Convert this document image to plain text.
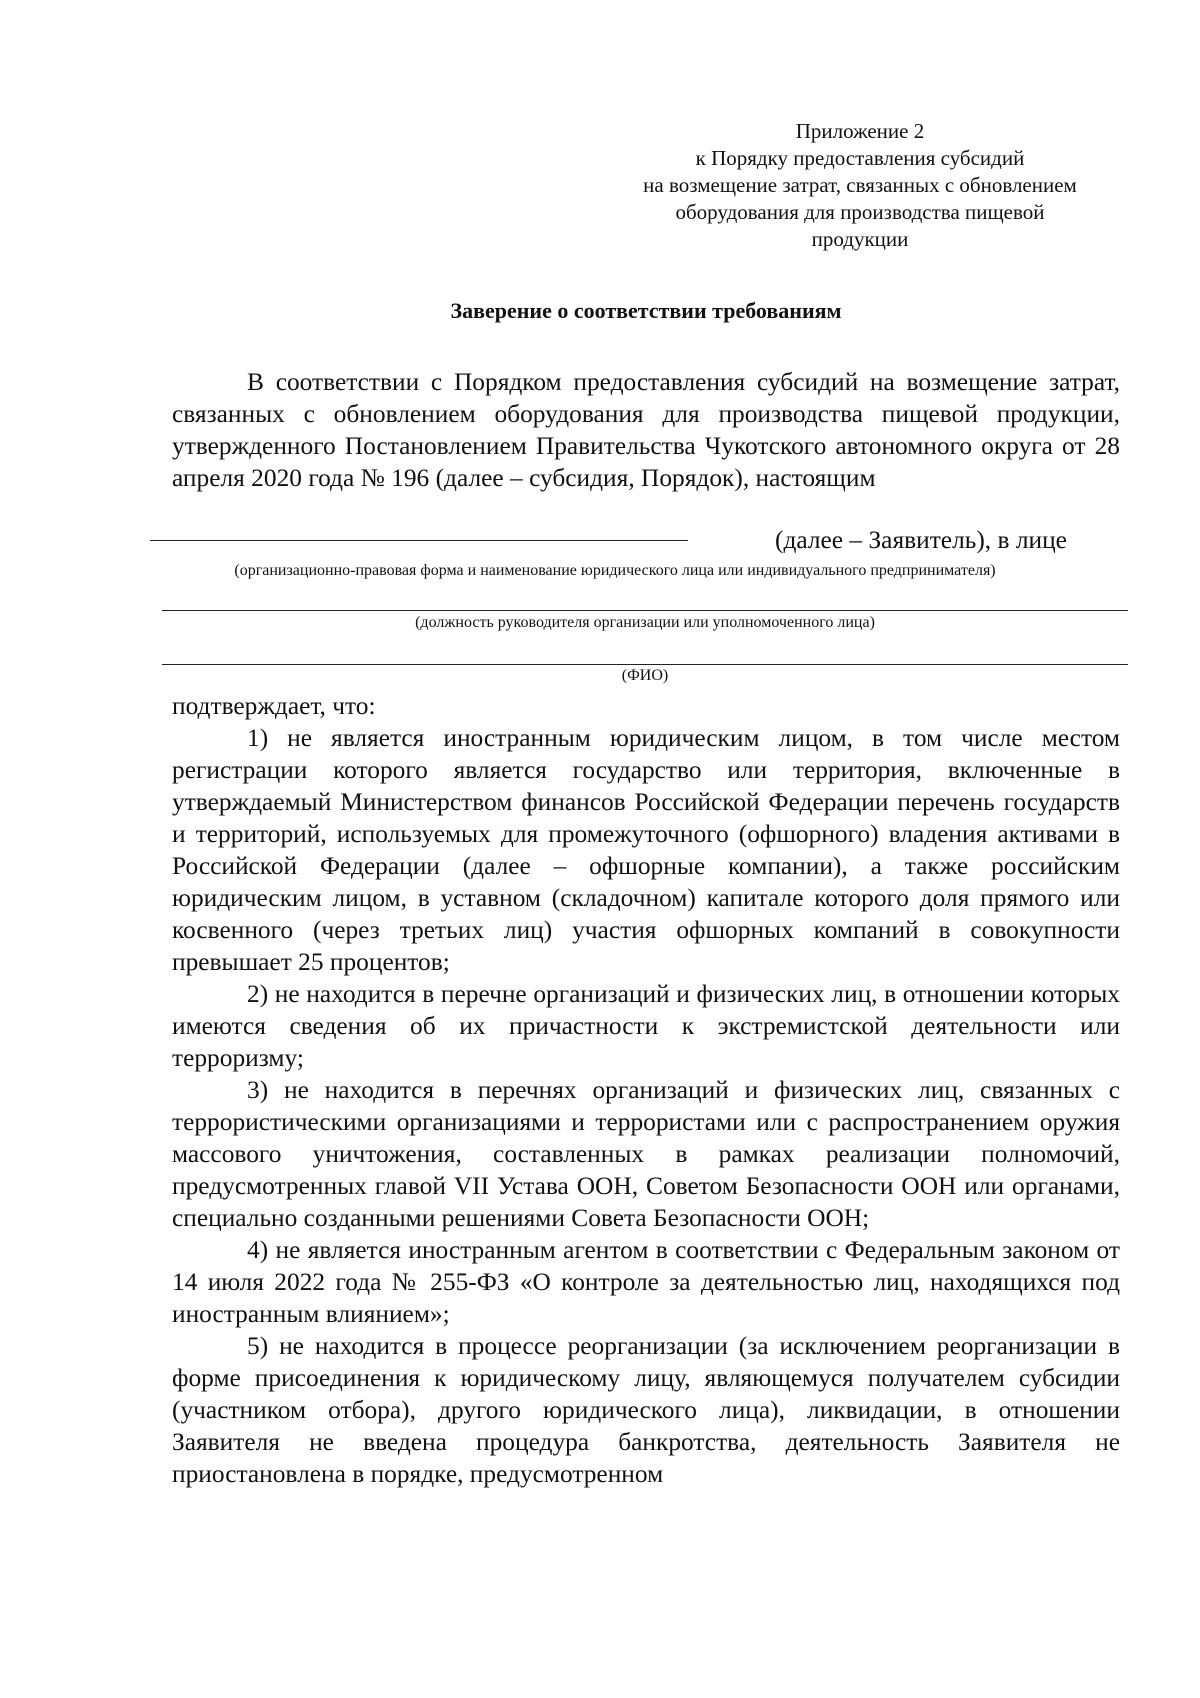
Приложение 2
к Порядку предоставления субсидий
на возмещение затрат, связанных с обновлением
оборудования для производства пищевой
продукции
Заверение о соответствии требованиям
В соответствии с Порядком предоставления субсидий на возмещение затрат, связанных с обновлением оборудования для производства пищевой продукции, утвержденного Постановлением Правительства Чукотского автономного округа от 28 апреля 2020 года № 196 (далее – субсидия, Порядок), настоящим
(далее – Заявитель), в лице
(организационно-правовая форма и наименование юридического лица или индивидуального предпринимателя)
(должность руководителя организации или уполномоченного лица)
(ФИО)
подтверждает, что:

1) не является иностранным юридическим лицом, в том числе местом регистрации которого является государство или территория, включенные в утверждаемый Министерством финансов Российской Федерации перечень государств и территорий, используемых для промежуточного (офшорного) владения активами в Российской Федерации (далее – офшорные компании), а также российским юридическим лицом, в уставном (складочном) капитале которого доля прямого или косвенного (через третьих лиц) участия офшорных компаний в совокупности превышает 25 процентов;

2) не находится в перечне организаций и физических лиц, в отношении которых имеются сведения об их причастности к экстремистской деятельности или терроризму;

3) не находится в перечнях организаций и физических лиц, связанных с террористическими организациями и террористами или с распространением оружия массового уничтожения, составленных в рамках реализации полномочий, предусмотренных главой VII Устава ООН, Советом Безопасности ООН или органами, специально созданными решениями Совета Безопасности ООН;

4) не является иностранным агентом в соответствии с Федеральным законом от 14 июля 2022 года № 255-ФЗ «О контроле за деятельностью лиц, находящихся под иностранным влиянием»;

5) не находится в процессе реорганизации (за исключением реорганизации в форме присоединения к юридическому лицу, являющемуся получателем субсидии (участником отбора), другого юридического лица), ликвидации, в отношении Заявителя не введена процедура банкротства, деятельность Заявителя не приостановлена в порядке, предусмотренном
